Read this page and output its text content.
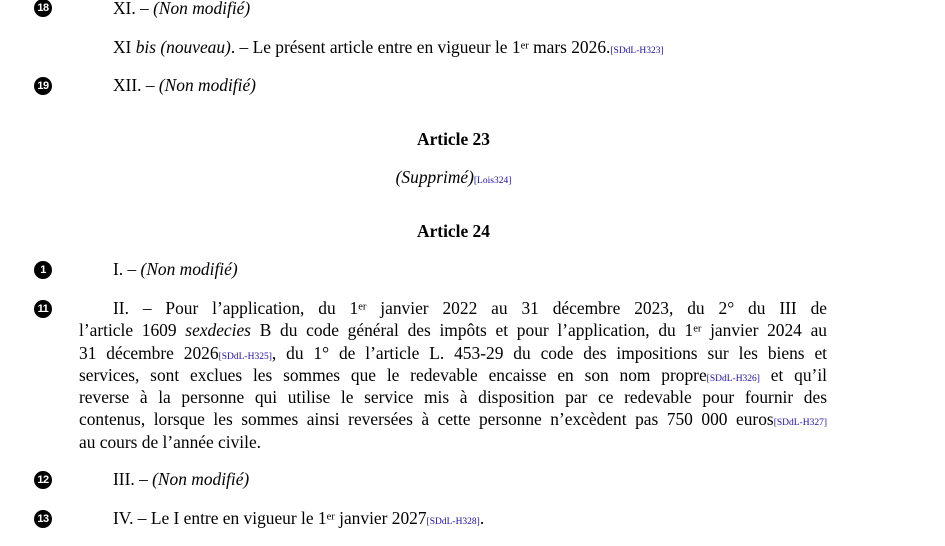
18	XI. – (Non modifié)
XI bis (nouveau). – Le présent article entre en vigueur le 1er mars 2026.[SDdL-H323]
19	XII. – (Non modifié)
Article 23
(Supprimé)[Lois324]
Article 24
1	I. – (Non modifié)
11	II. – Pour l’application, du 1er janvier 2022 au 31 décembre 2023, du 2° du III de
l’article 1609 sexdecies B du code général des impôts et pour l’application, du 1er janvier 2024 au
31 décembre 2026[SDdL-H325], du 1° de l’article L. 453-29 du code des impositions sur les biens et
services, sont exclues les sommes que le redevable encaisse en son nom propre[SDdL-H326] et qu’il
reverse à la personne qui utilise le service mis à disposition par ce redevable pour fournir des
contenus, lorsque les sommes ainsi reversées à cette personne n’excèdent pas 750 000 euros[SDdL-H327]
au cours de l’année civile.
12	III. – (Non modifié)
13	IV. – Le I entre en vigueur le 1er janvier 2027[SDdL-H328].
